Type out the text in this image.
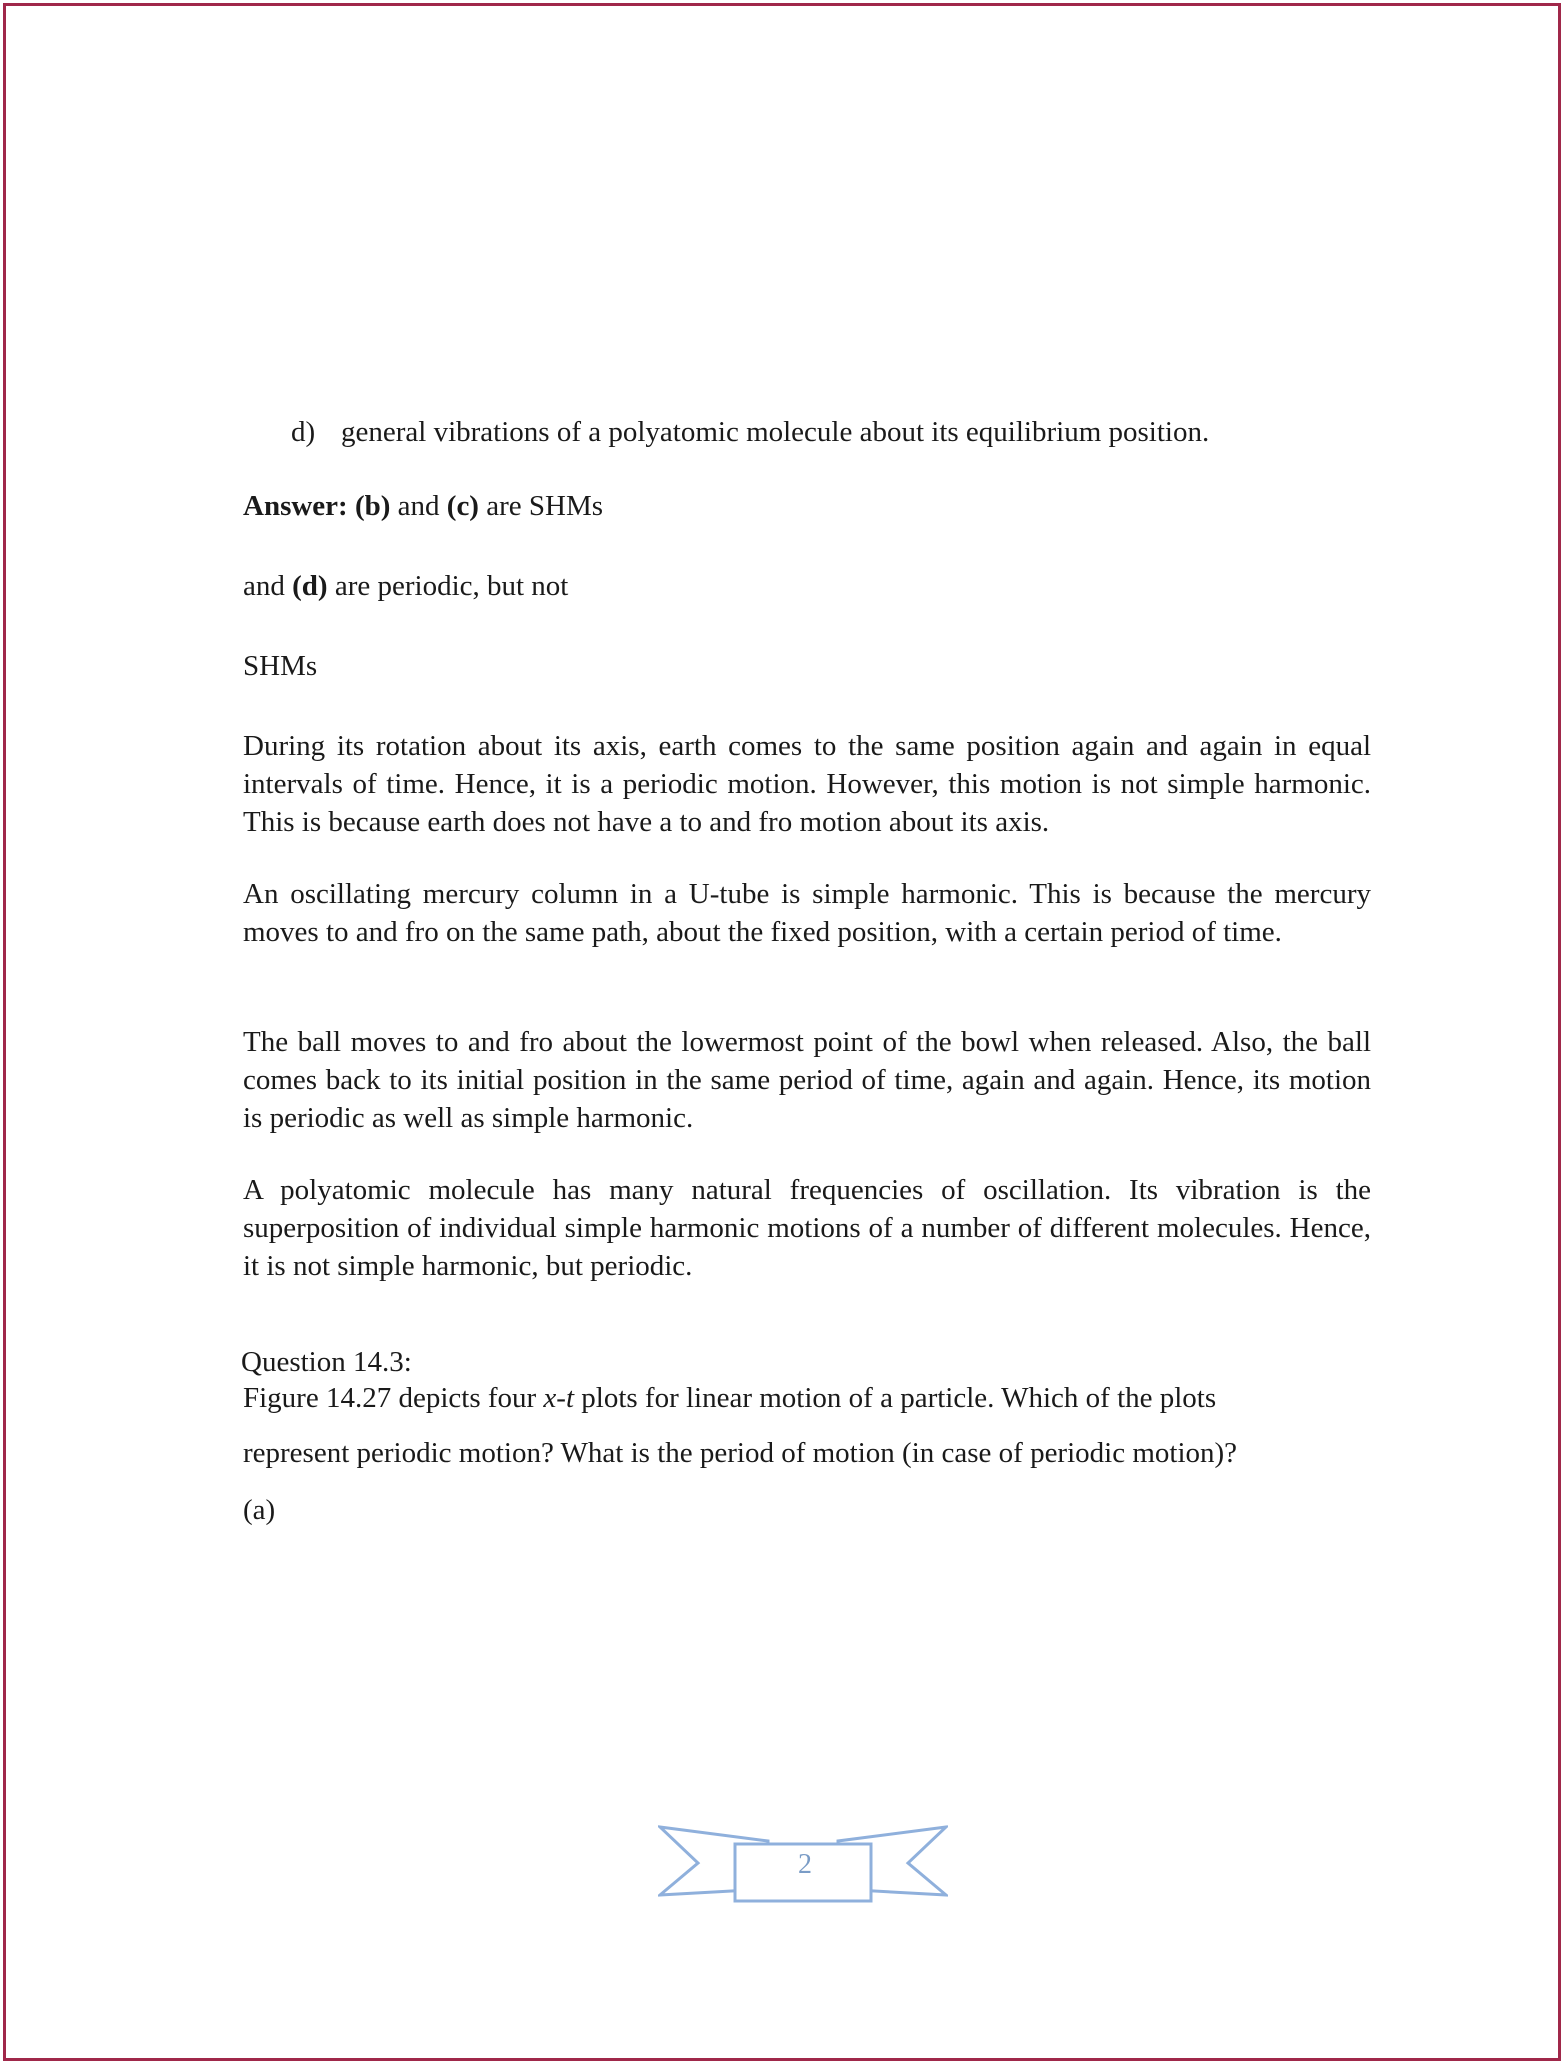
d) general vibrations of a polyatomic molecule about its equilibrium position.

Answer: (b) and (c) are SHMs

and (d) are periodic, but not

SHMs

During its rotation about its axis, earth comes to the same position again and again in equal intervals of time. Hence, it is a periodic motion. However, this motion is not simple harmonic. This is because earth does not have a to and fro motion about its axis.

An oscillating mercury column in a U-tube is simple harmonic. This is because the mercury moves to and fro on the same path, about the fixed position, with a certain period of time.

The ball moves to and fro about the lowermost point of the bowl when released. Also, the ball comes back to its initial position in the same period of time, again and again. Hence, its motion is periodic as well as simple harmonic.

A polyatomic molecule has many natural frequencies of oscillation. Its vibration is the superposition of individual simple harmonic motions of a number of different molecules. Hence, it is not simple harmonic, but periodic.

Question 14.3:

Figure 14.27 depicts four x-t plots for linear motion of a particle. Which of the plots

represent periodic motion? What is the period of motion (in case of periodic motion)?

(a)

2
